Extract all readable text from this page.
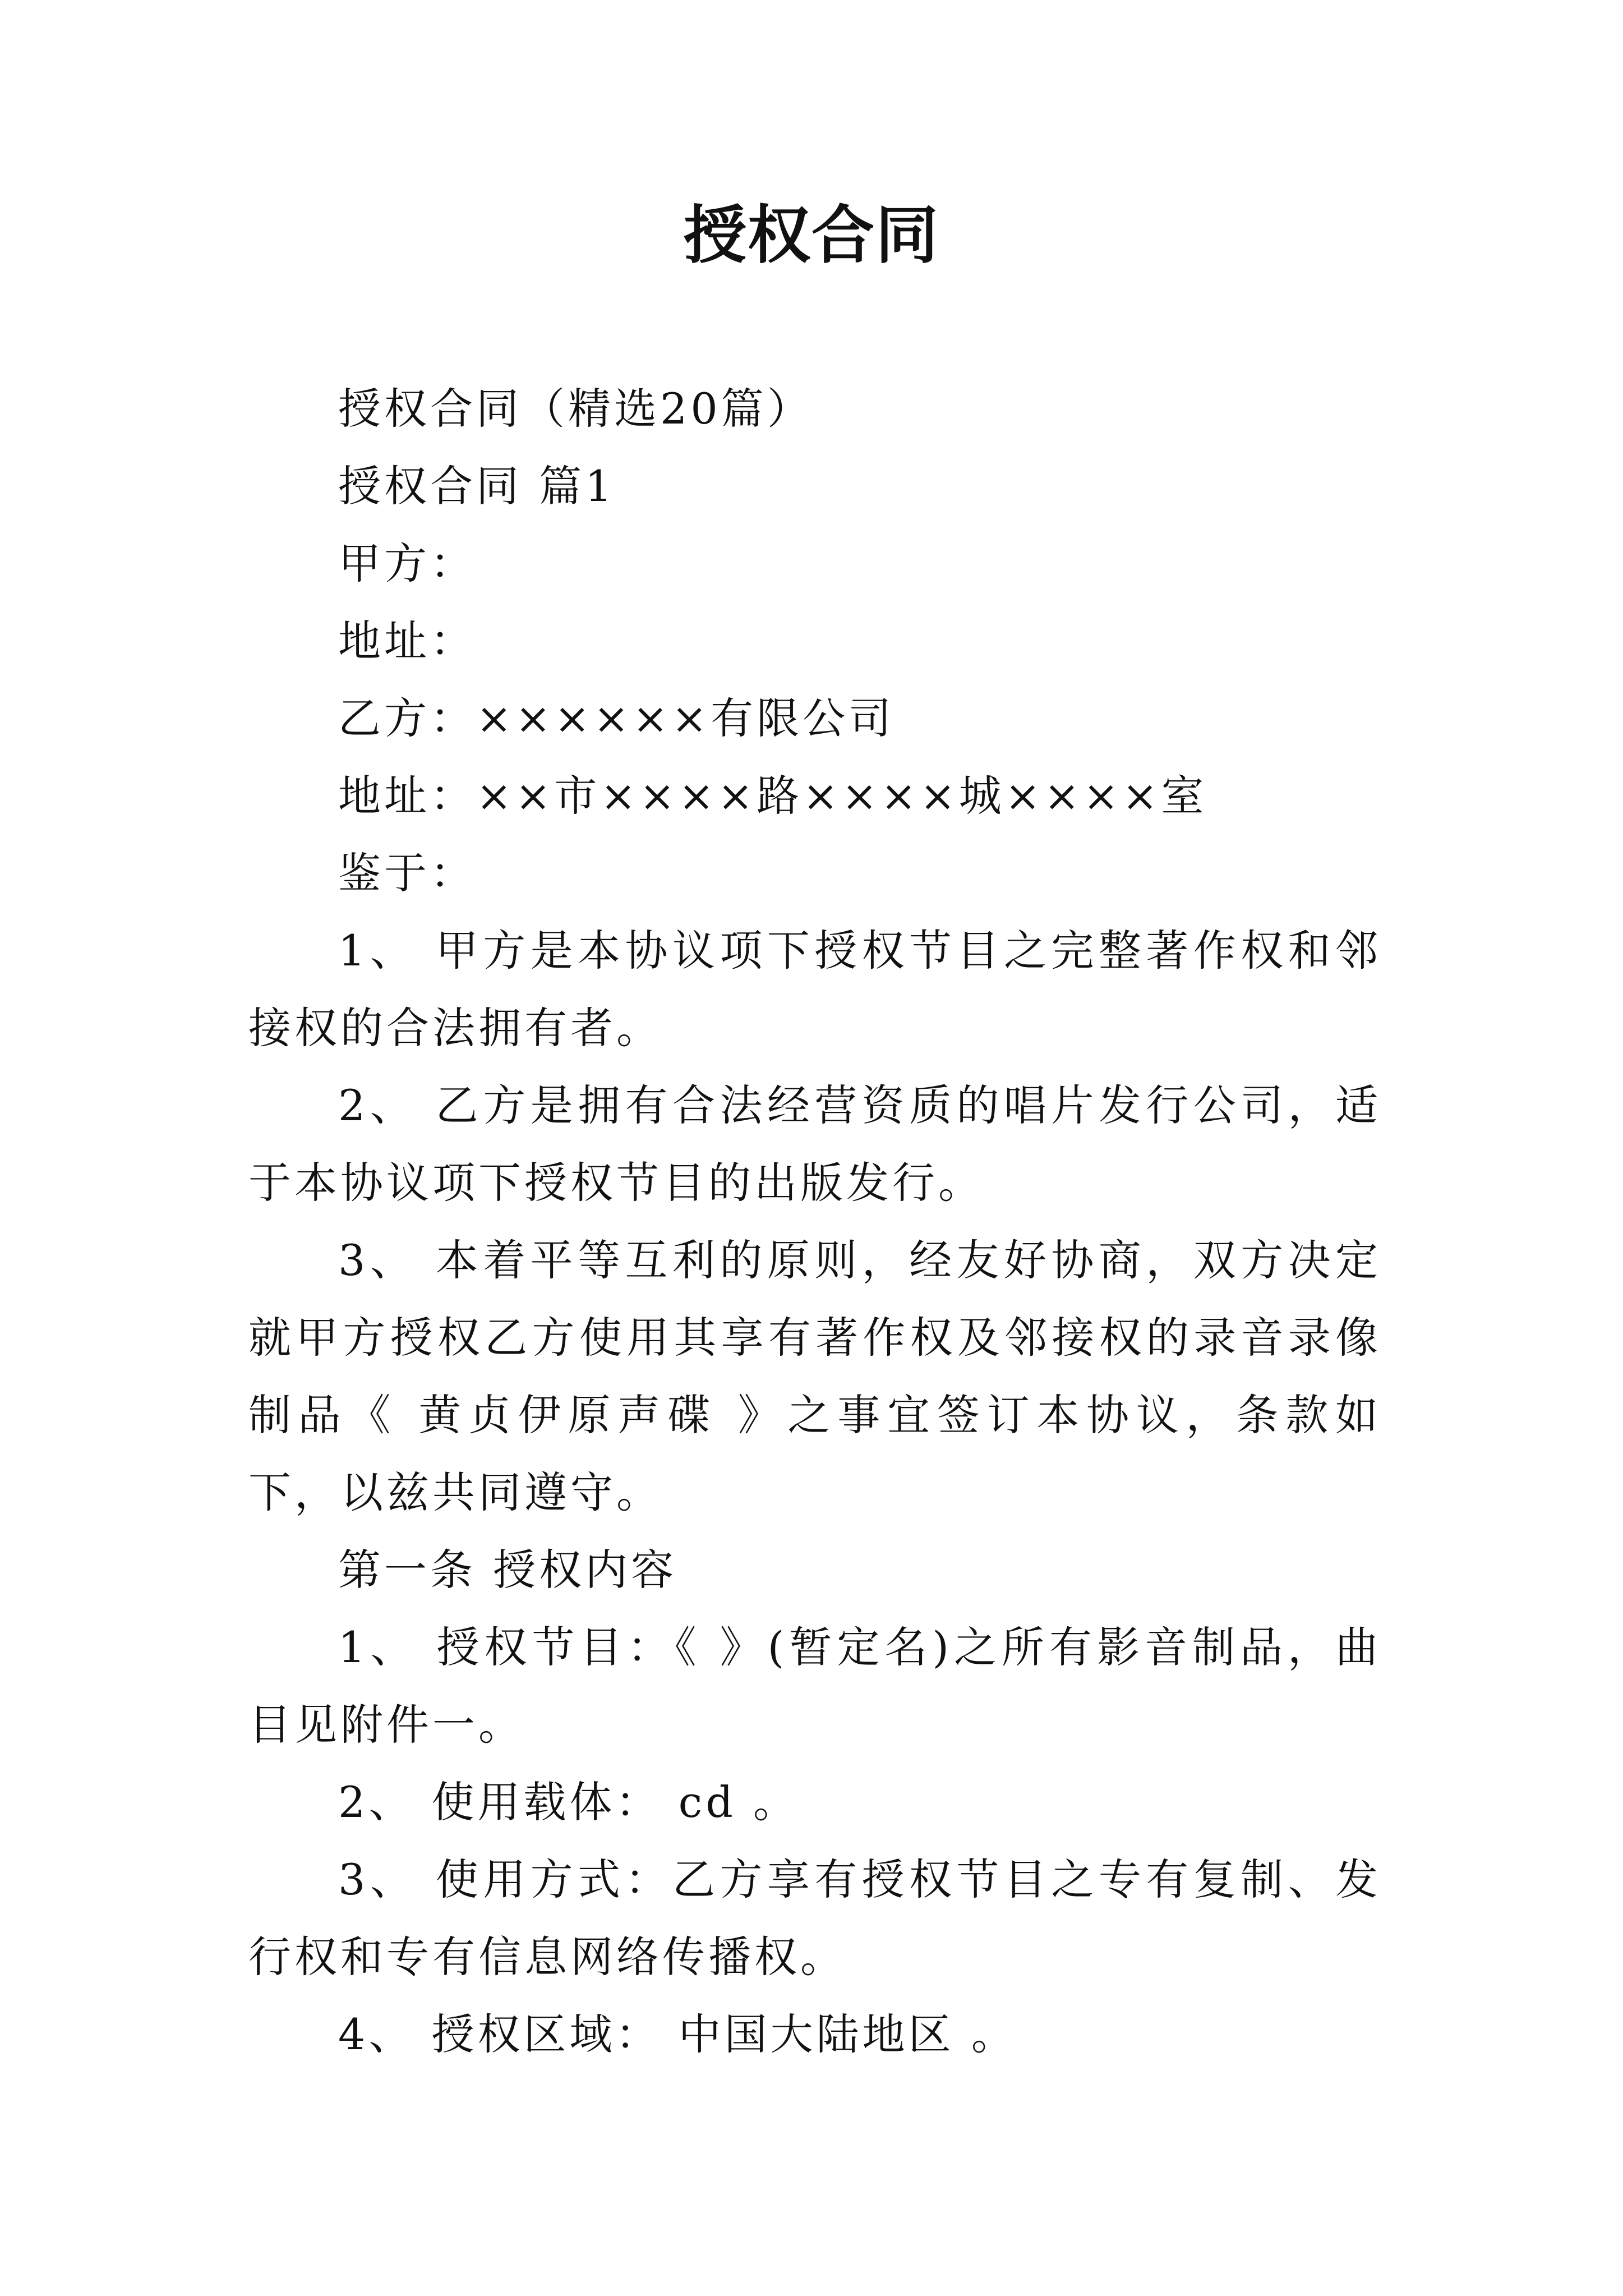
授权合同

授权合同（精选20篇）

授权合同 篇1

甲方：

地址：

乙方：××××××有限公司

地址：××市××××路××××城××××室

鉴于：

1、 甲方是本协议项下授权节目之完整著作权和邻接权的合法拥有者。

2、 乙方是拥有合法经营资质的唱片发行公司，适于本协议项下授权节目的出版发行。

3、 本着平等互利的原则，经友好协商，双方决定就甲方授权乙方使用其享有著作权及邻接权的录音录像制品《 黄贞伊原声碟 》之事宜签订本协议，条款如下，以兹共同遵守。

第一条 授权内容

1、 授权节目：《 》(暂定名)之所有影音制品，曲目见附件一。

2、 使用载体： cd 。

3、 使用方式：乙方享有授权节目之专有复制、发行权和专有信息网络传播权。

4、 授权区域： 中国大陆地区 。
